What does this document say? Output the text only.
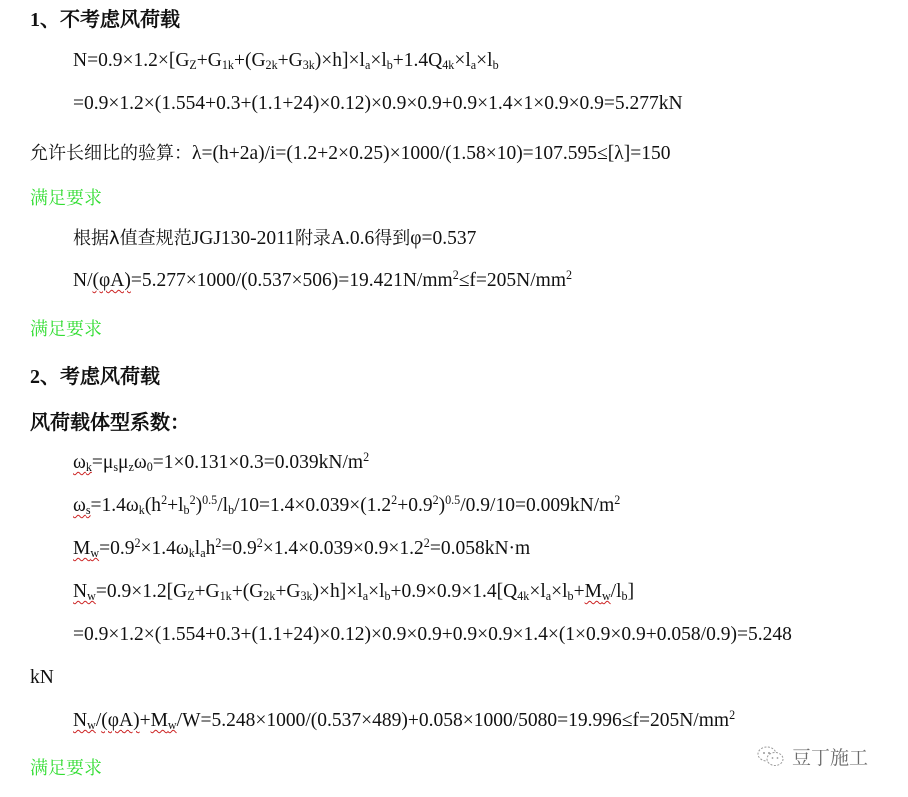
1、不考虑风荷载
$N=0.9\times 1.2\times[G_Z+G_{1k}+(G_{2k}+G_{3k})\times h]\times l_a\times l_b+1.4Q_{4k}\times l_a\times l_b$
=0.9×1.2×(1.554+0.3+(1.1+24)×0.12)×0.9×0.9+0.9×1.4×1×0.9×0.9=5.277kN
允许长细比的验算：λ=(h+2a)/i=(1.2+2×0.25)×1000/(1.58×10)=107.595≤[λ]=150
满足要求
根据λ值查规范JGJ130-2011附录A.0.6得到φ=0.537
$N/(\varphi A)=5.277\times 1000/(0.537\times 506)=19.421N/mm^2\le f=205N/mm^2$
满足要求
2、考虑风荷载
风荷载体型系数：
$\omega_k=\mu_s\mu_z\omega_0=1\times 0.131\times 0.3=0.039kN/m^2$
$\omega_s=1.4\omega_k(h^2+l_b^2)^{0.5}/l_b/10=1.4\times 0.039\times(1.2^2+0.9^2)^{0.5}/0.9/10=0.009kN/m^2$
$M_w=0.9^2\times 1.4\omega_kl_ah^2=0.9^2\times 1.4\times 0.039\times 0.9\times 1.2^2=0.058kN\cdot m$
$N_w=0.9\times 1.2[G_Z+G_{1k}+(G_{2k}+G_{3k})\times h]\times l_a\times l_b+0.9\times 0.9\times 1.4[Q_{4k}\times l_a\times l_b+M_w/l_b]$
=0.9×1.2×(1.554+0.3+(1.1+24)×0.12)×0.9×0.9+0.9×0.9×1.4×(1×0.9×0.9+0.058/0.9)=5.248
kN
$N_w/(\varphi A)+M_w/W=5.248\times 1000/(0.537\times 489)+0.058\times 1000/5080=19.996\le f=205N/mm^2$
满足要求	豆丁施工
